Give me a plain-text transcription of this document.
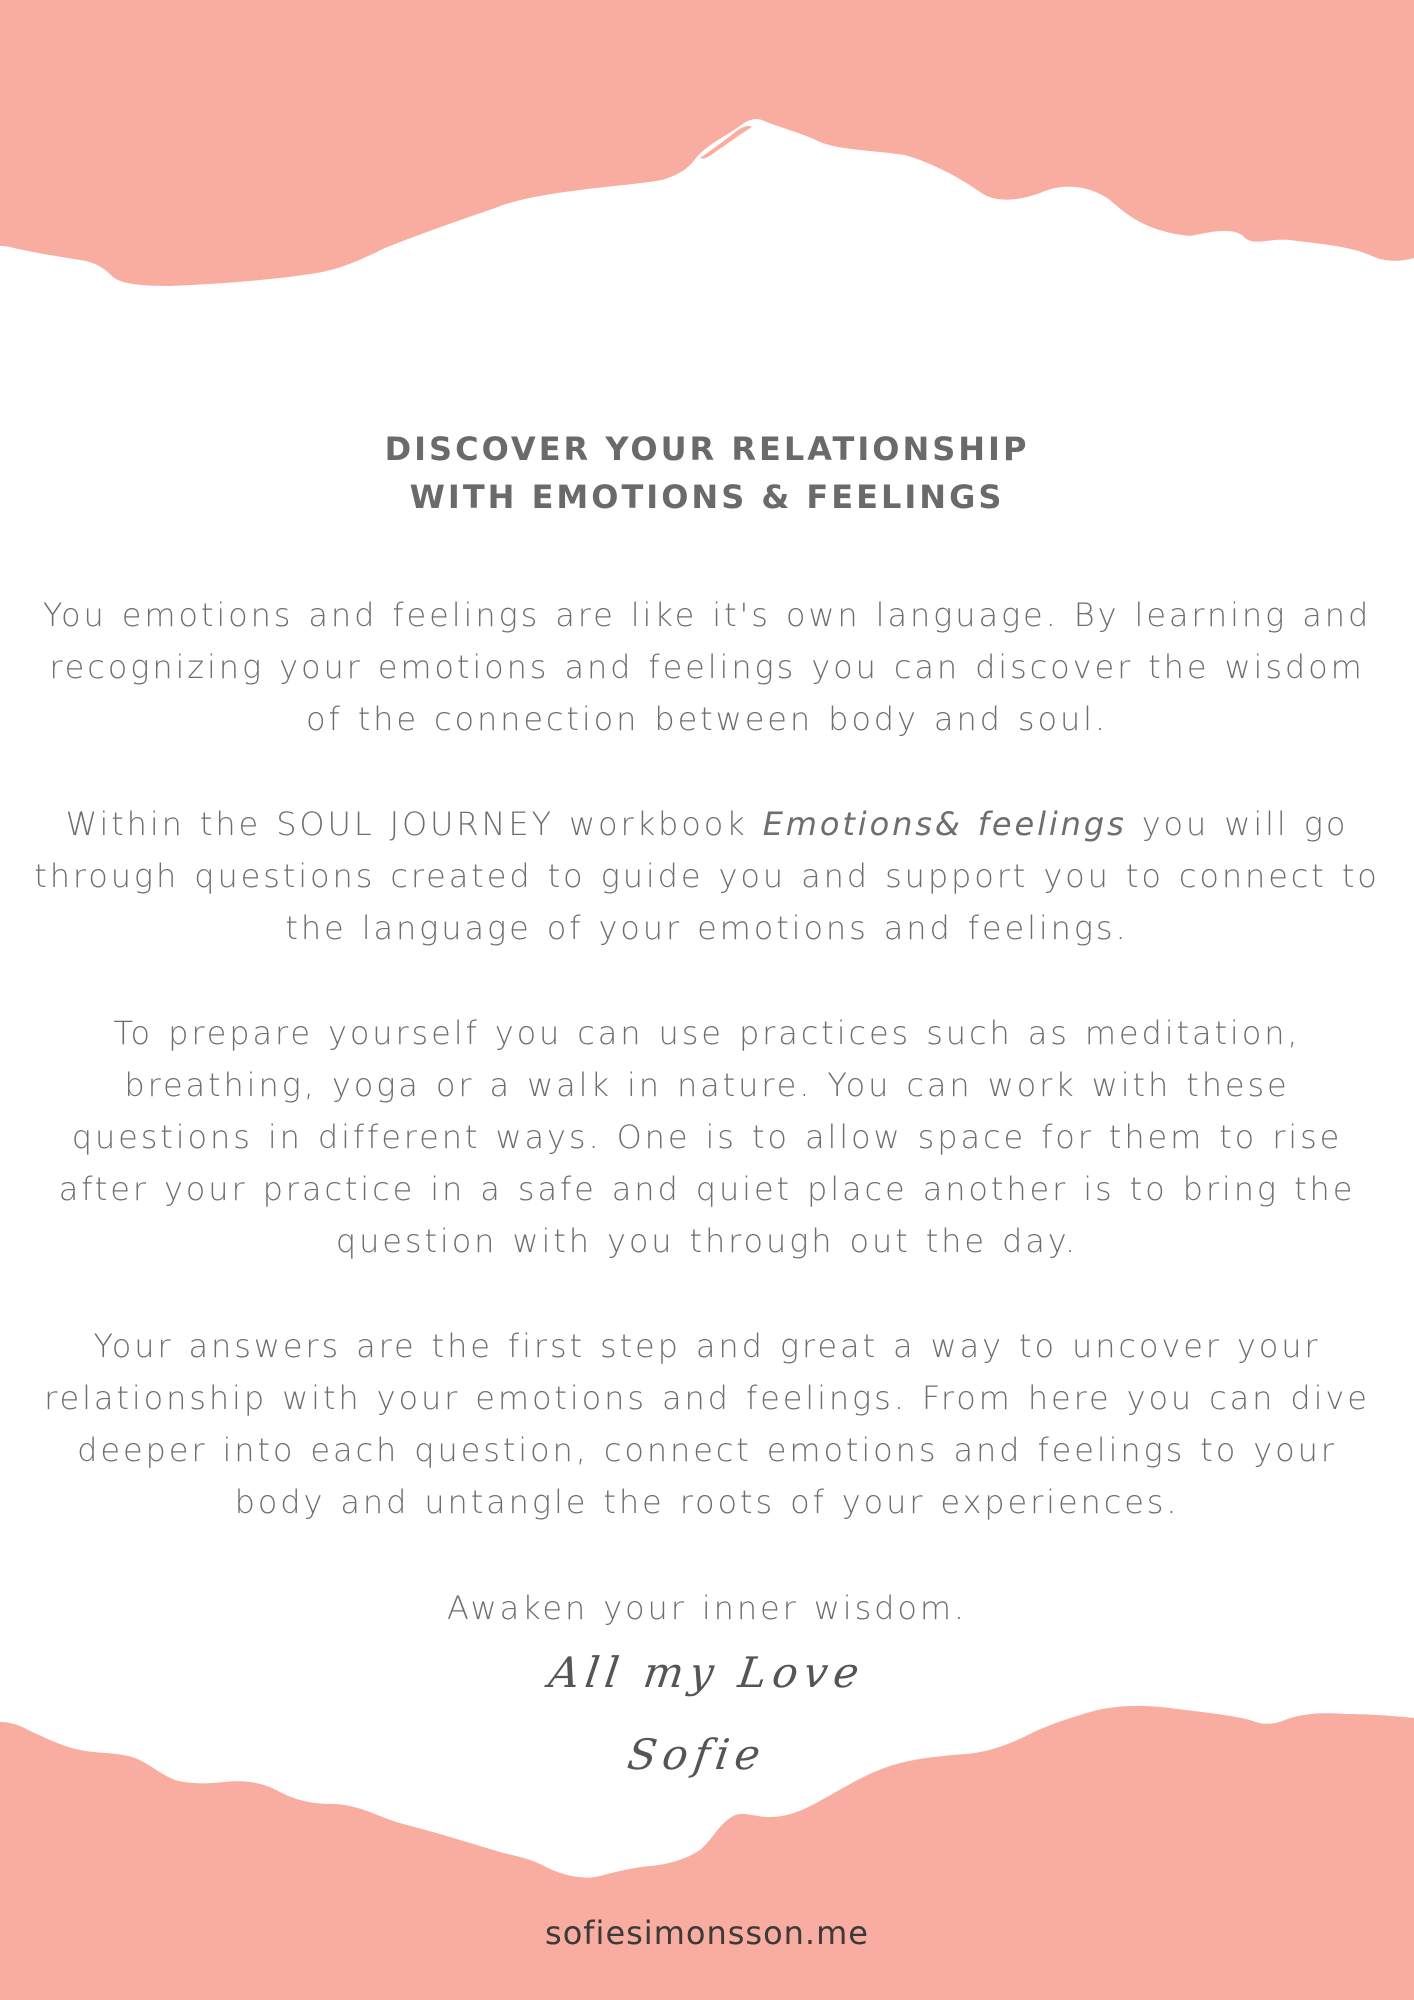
DISCOVER YOUR RELATIONSHIP
WITH EMOTIONS & FEELINGS

You emotions and feelings are like it's own language. By learning and
recognizing your emotions and feelings you can discover the wisdom
of the connection between body and soul.

Within the SOUL JOURNEY workbook Emotions& feelings you will go
through questions created to guide you and support you to connect to
the language of your emotions and feelings.

To prepare yourself you can use practices such as meditation,
breathing, yoga or a walk in nature. You can work with these
questions in different ways. One is to allow space for them to rise
after your practice in a safe and quiet place another is to bring the
question with you through out the day.

Your answers are the first step and great a way to uncover your
relationship with your emotions and feelings. From here you can dive
deeper into each question, connect emotions and feelings to your
body and untangle the roots of your experiences.

Awaken your inner wisdom.

All my Love

Sofie

sofiesimonsson.me
